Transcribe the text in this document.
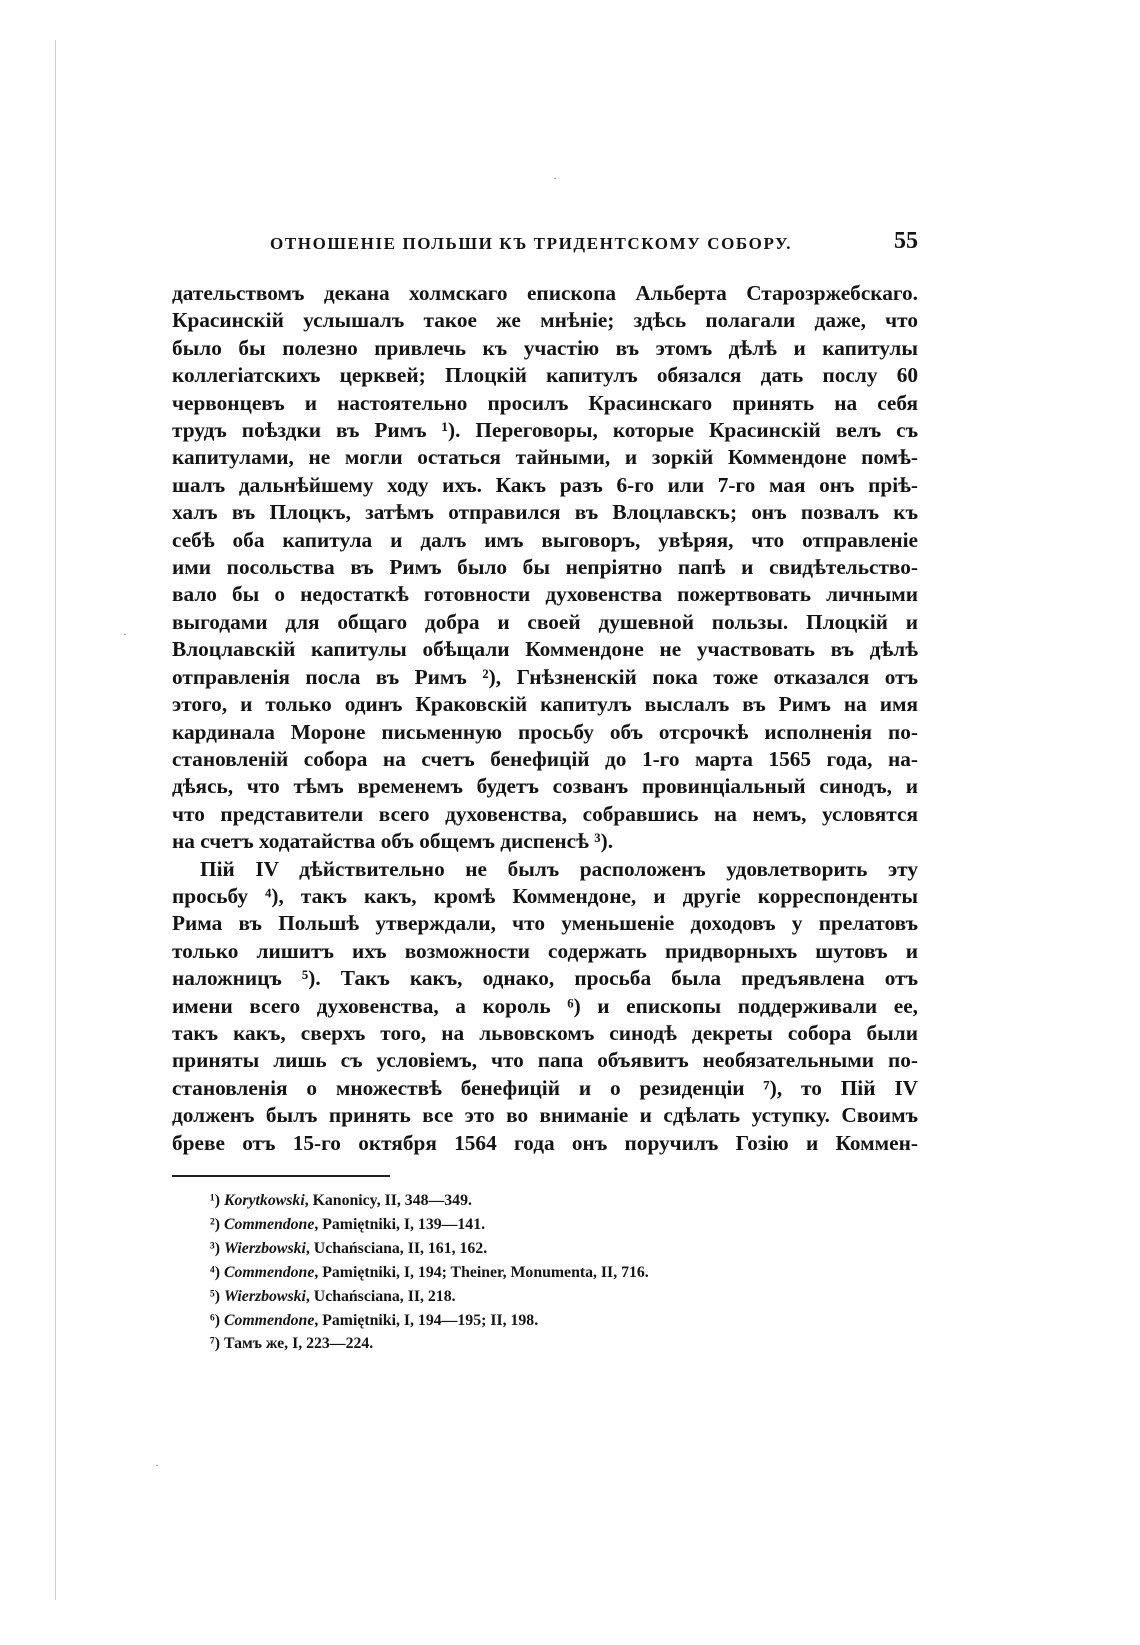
·
·
·
ОТНОШЕНІЕ ПОЛЬШИ КЪ ТРИДЕНТСКОМУ СОБОРУ.	55
дательствомъ декана холмскаго епископа Альберта Старозржебскаго.
Красинскій услышалъ такое же мнѣніе; здѣсь полагали даже, что
было бы полезно привлечь къ участію въ этомъ дѣлѣ и капитулы
коллегіатскихъ церквей; Плоцкій капитулъ обязался дать послу 60
червонцевъ и настоятельно просилъ Красинскаго принять на себя
трудъ поѣздки въ Римъ ¹). Переговоры, которые Красинскій велъ съ
капитулами, не могли остаться тайными, и зоркій Коммендоне помѣ-
шалъ дальнѣйшему ходу ихъ. Какъ разъ 6-го или 7-го мая онъ пріѣ-
халъ въ Плоцкъ, затѣмъ отправился въ Влоцлавскъ; онъ позвалъ къ
себѣ оба капитула и далъ имъ выговоръ, увѣряя, что отправленіе
ими посольства въ Римъ было бы непріятно папѣ и свидѣтельство-
вало бы о недостаткѣ готовности духовенства пожертвовать личными
выгодами для общаго добра и своей душевной пользы. Плоцкій и
Влоцлавскій капитулы обѣщали Коммендоне не участвовать въ дѣлѣ
отправленія посла въ Римъ ²), Гнѣзненскій пока тоже отказался отъ
этого, и только одинъ Краковскій капитулъ выслалъ въ Римъ на имя
кардинала Мороне письменную просьбу объ отсрочкѣ исполненія по-
становленій собора на счетъ бенефицій до 1-го марта 1565 года, на-
дѣясь, что тѣмъ временемъ будетъ созванъ провинціальный синодъ, и
что представители всего духовенства, собравшись на немъ, условятся
на счетъ ходатайства объ общемъ диспенсѣ ³).
Пій IV дѣйствительно не былъ расположенъ удовлетворить эту
просьбу ⁴), такъ какъ, кромѣ Коммендоне, и другіе корреспонденты
Рима въ Польшѣ утверждали, что уменьшеніе доходовъ у прелатовъ
только лишитъ ихъ возможности содержать придворныхъ шутовъ и
наложницъ ⁵). Такъ какъ, однако, просьба была предъявлена отъ
имени всего духовенства, а король ⁶) и епископы поддерживали ее,
такъ какъ, сверхъ того, на львовскомъ синодѣ декреты собора были
приняты лишь съ условіемъ, что папа объявитъ необязательными по-
становленія о множествѣ бенефицій и о резиденціи ⁷), то Пій IV
долженъ былъ принять все это во вниманіе и сдѣлать уступку. Своимъ
бреве отъ 15-го октября 1564 года онъ поручилъ Гозію и Коммен-
¹) Korytkowski, Kanonicy, II, 348—349.
²) Commendone, Pamiętniki, I, 139—141.
³) Wierzbowski, Uchańsciana, II, 161, 162.
⁴) Commendone, Pamiętniki, I, 194; Theiner, Monumenta, II, 716.
⁵) Wierzbowski, Uchańsciana, II, 218.
⁶) Commendone, Pamiętniki, I, 194—195; II, 198.
⁷) Тамъ же, I, 223—224.
